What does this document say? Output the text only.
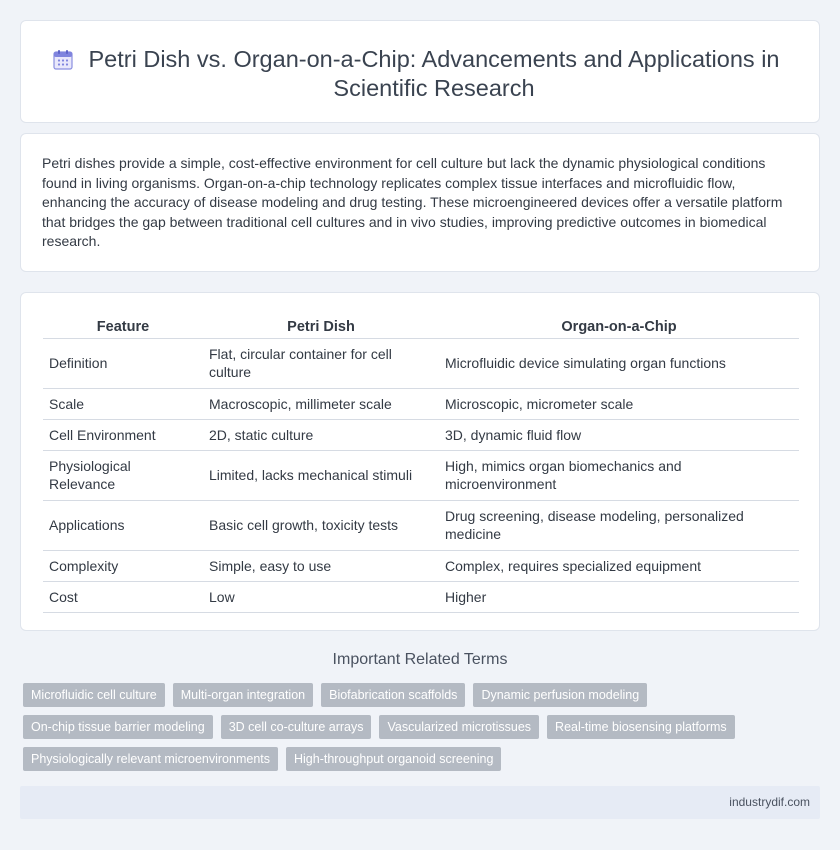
Petri Dish vs. Organ-on-a-Chip: Advancements and Applications in Scientific Research

Petri dishes provide a simple, cost-effective environment for cell culture but lack the dynamic physiological conditions found in living organisms. Organ-on-a-chip technology replicates complex tissue interfaces and microfluidic flow, enhancing the accuracy of disease modeling and drug testing. These microengineered devices offer a versatile platform that bridges the gap between traditional cell cultures and in vivo studies, improving predictive outcomes in biomedical research.

Feature	Petri Dish	Organ-on-a-Chip
Definition	Flat, circular container for cell culture	Microfluidic device simulating organ functions
Scale	Macroscopic, millimeter scale	Microscopic, micrometer scale
Cell Environment	2D, static culture	3D, dynamic fluid flow
Physiological Relevance	Limited, lacks mechanical stimuli	High, mimics organ biomechanics and microenvironment
Applications	Basic cell growth, toxicity tests	Drug screening, disease modeling, personalized medicine
Complexity	Simple, easy to use	Complex, requires specialized equipment
Cost	Low	Higher
Important Related Terms
Microfluidic cell culture	Multi-organ integration	Biofabrication scaffolds	Dynamic perfusion modeling
On-chip tissue barrier modeling	3D cell co-culture arrays	Vascularized microtissues	Real-time biosensing platforms
Physiologically relevant microenvironments	High-throughput organoid screening
industrydif.com
